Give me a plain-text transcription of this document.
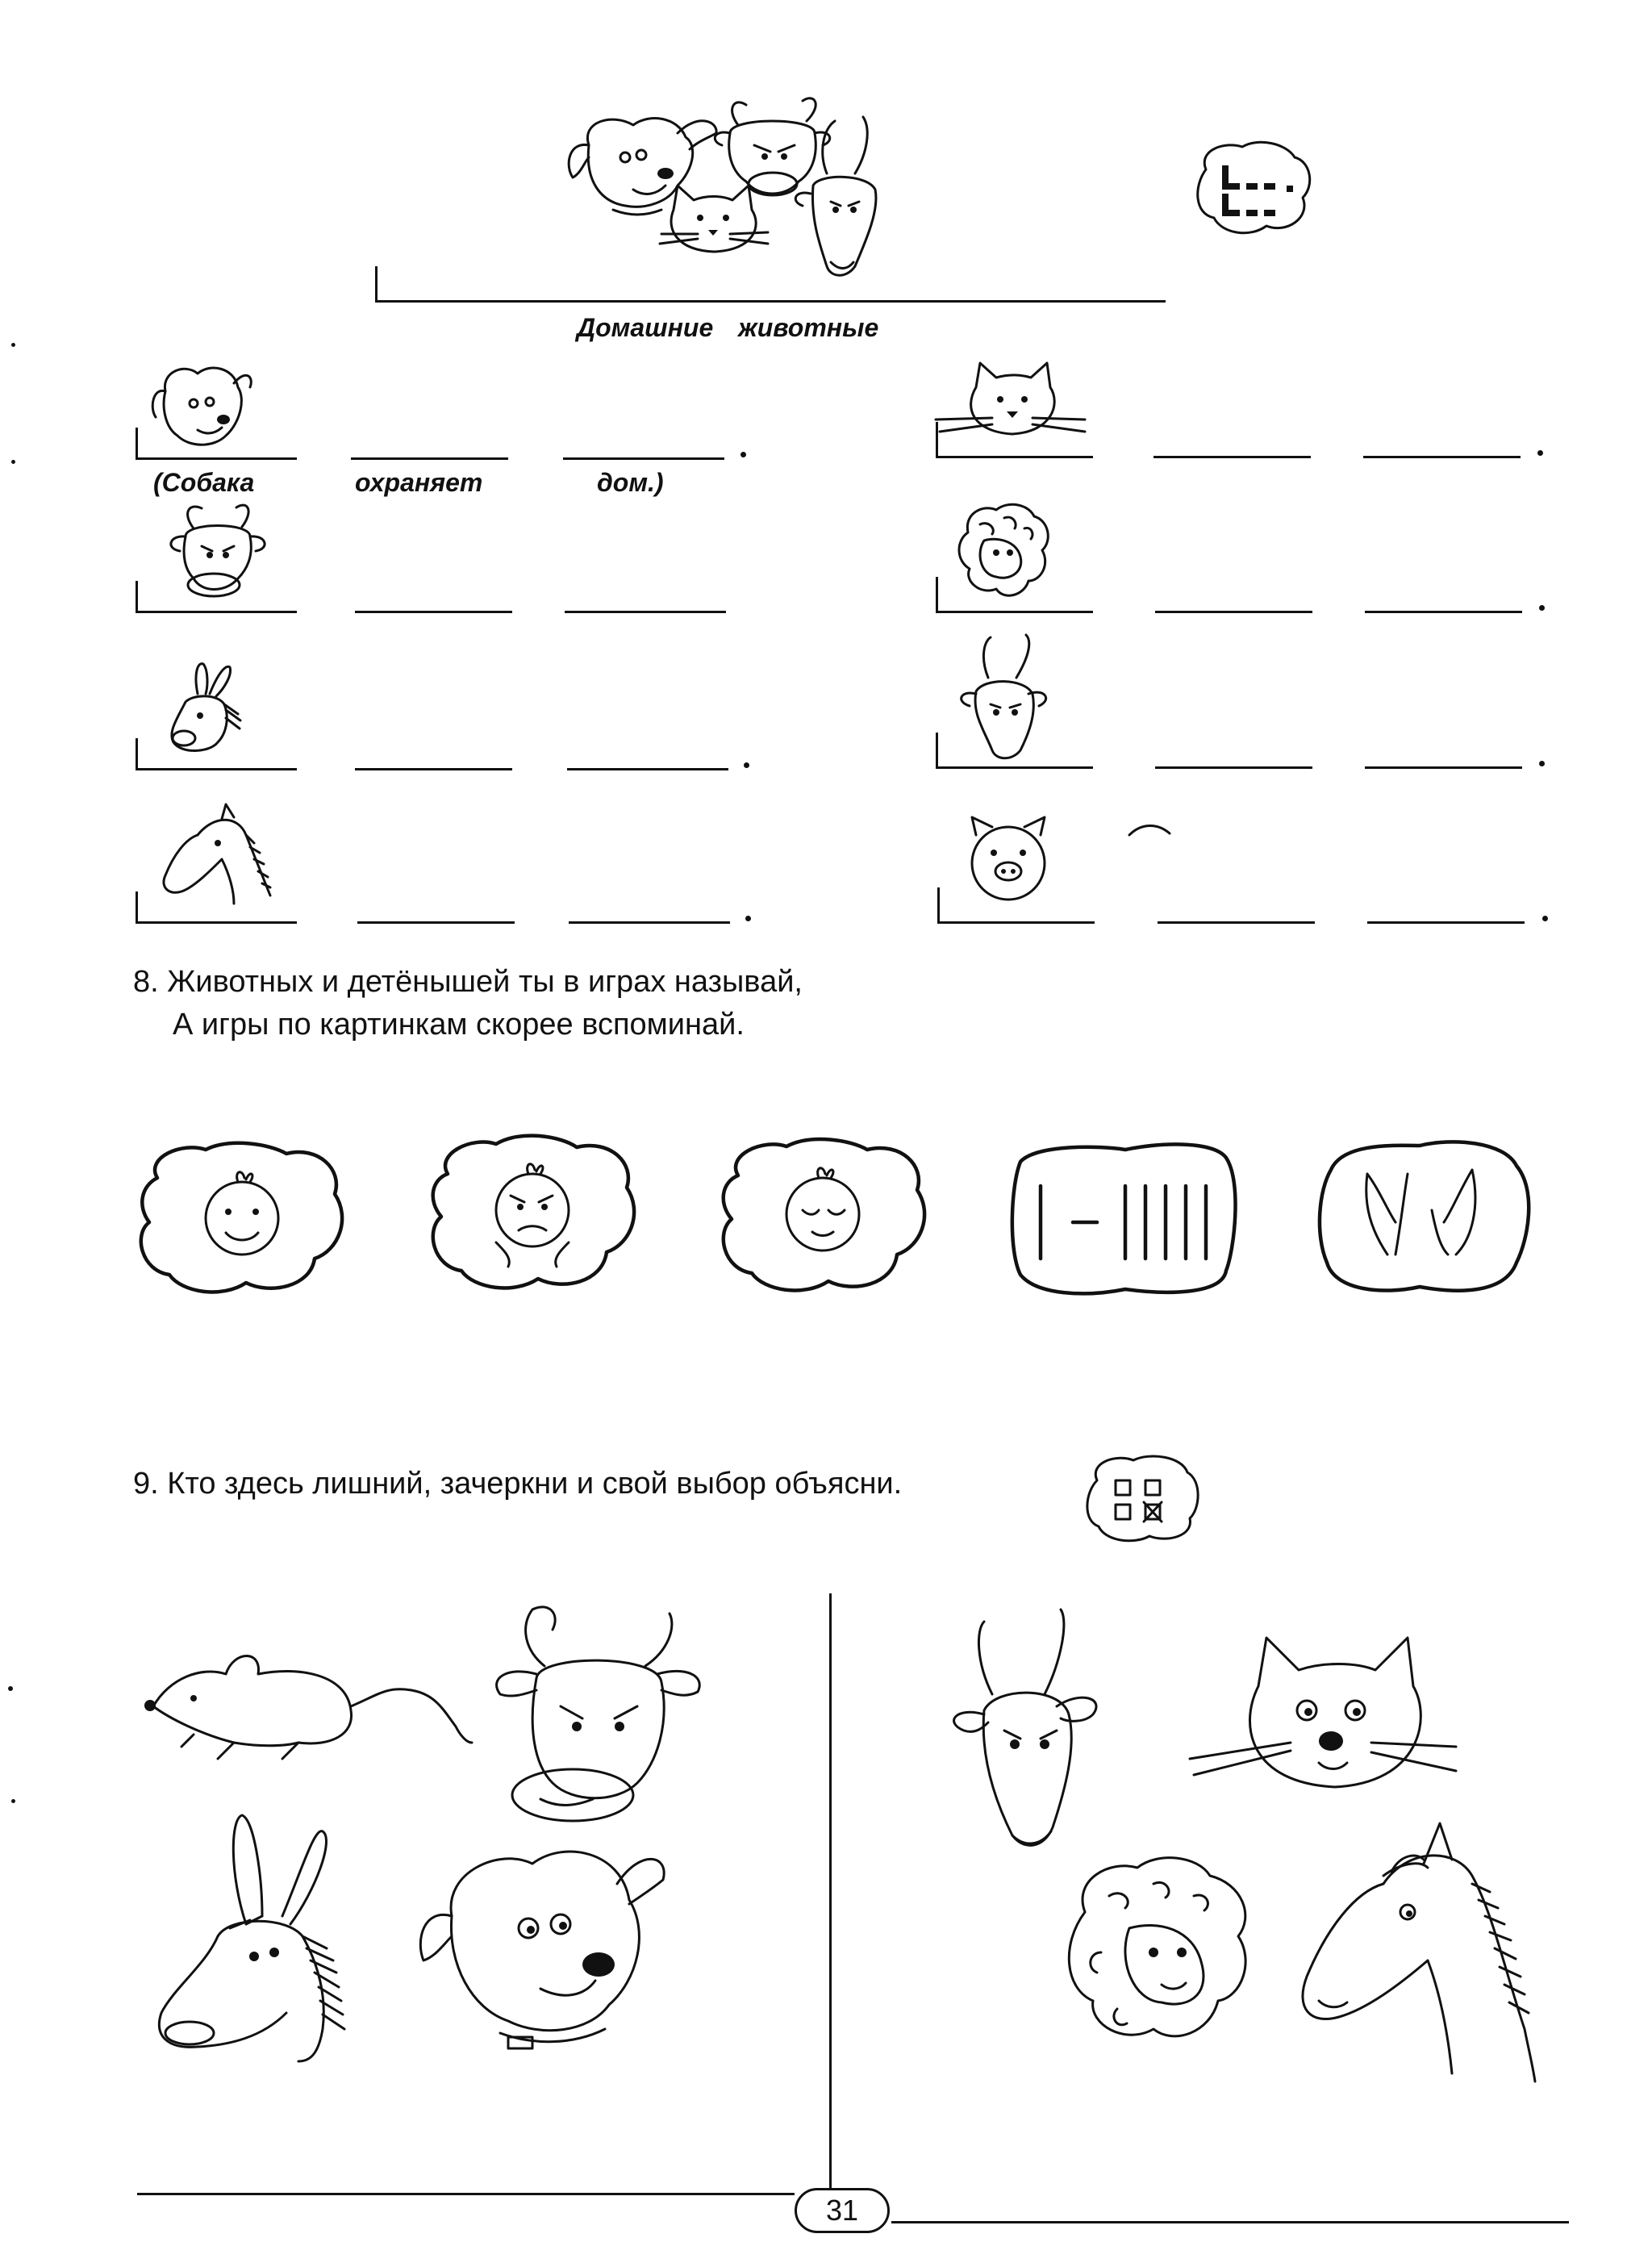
Домашние животные
(Собака	охраняет	дом.)
8. Животных и детёнышей ты в играх называй,
А игры по картинкам скорее вспоминай.
9. Кто здесь лишний, зачеркни и свой выбор объясни.
31
